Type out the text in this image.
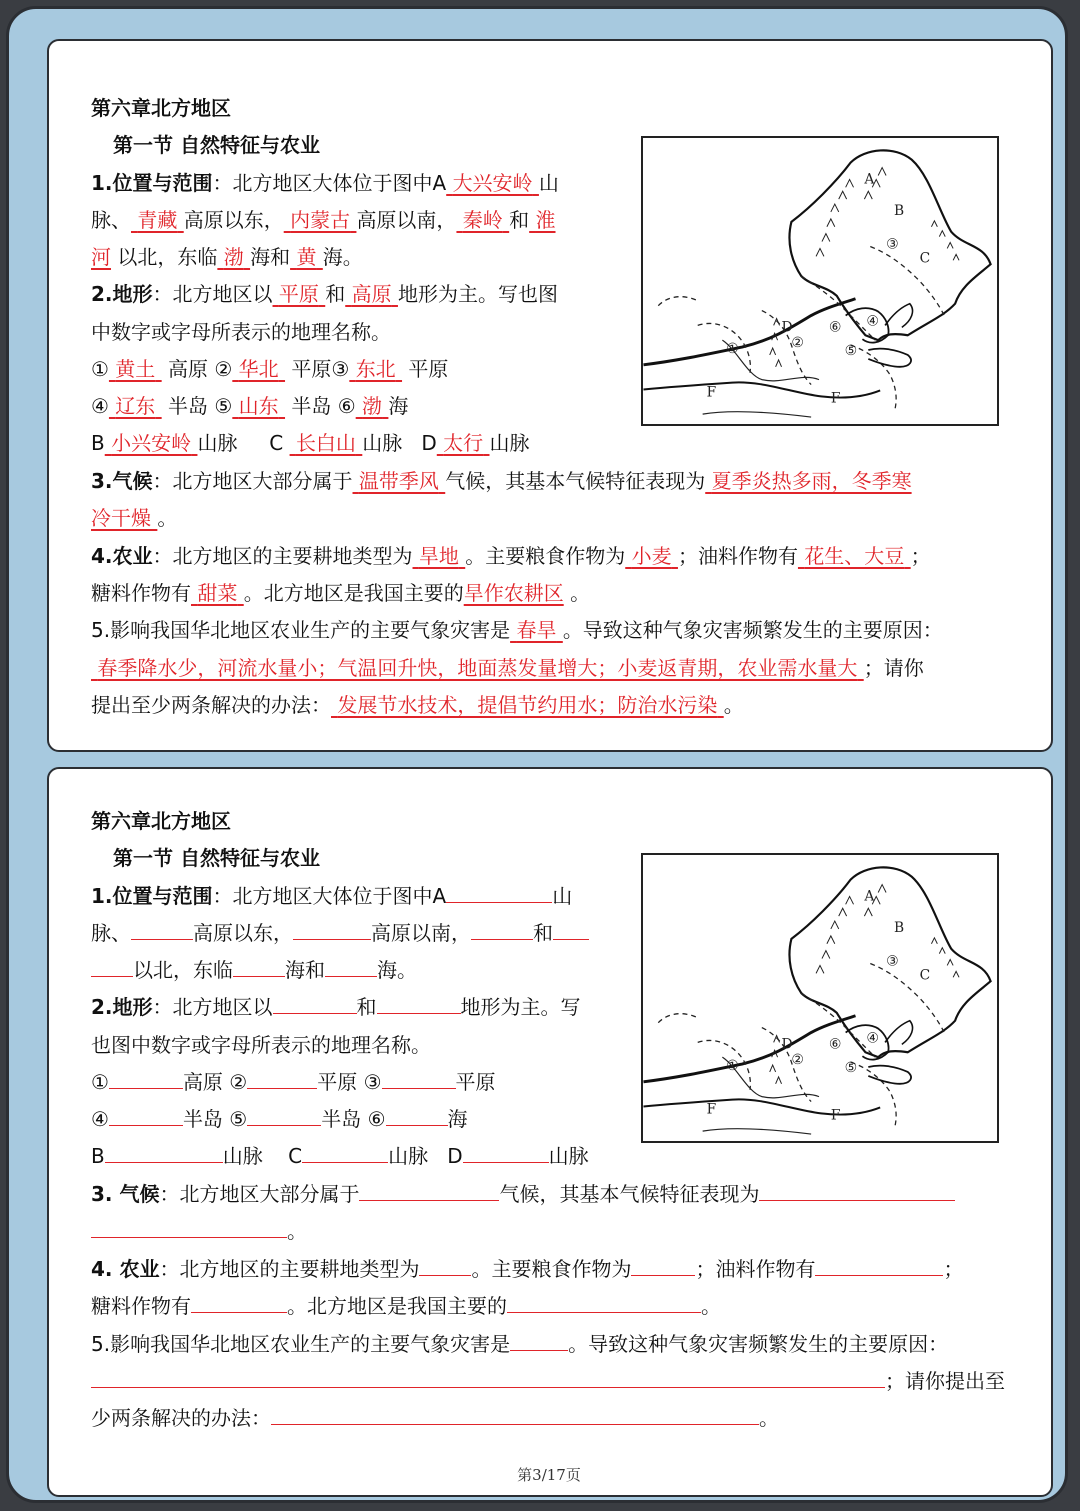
第六章北方地区
第一节 自然特征与农业
1.位置与范围：北方地区大体位于图中A 大兴安岭 山
脉、 青藏 高原以东， 内蒙古 高原以南， 秦岭 和 淮
河 以北，东临 渤 海和 黄 海。
2.地形：北方地区以 平原 和 高原 地形为主。写也图
中数字或字母所表示的地理名称。
① 黄土 高原 ② 华北 平原③ 东北 平原
④ 辽东 半岛 ⑤ 山东 半岛 ⑥ 渤 海
B 小兴安岭 山脉 C 长白山 山脉 D 太行 山脉
3.气候：北方地区大部分属于 温带季风 气候，其基本气候特征表现为 夏季炎热多雨，冬季寒
冷干燥 。
4.农业：北方地区的主要耕地类型为 旱地 。主要粮食作物为 小麦 ；油料作物有 花生、大豆 ；
糖料作物有 甜菜 。北方地区是我国主要的旱作农耕区 。
5.影响我国华北地区农业生产的主要气象灾害是 春旱 。导致这种气象灾害频繁发生的主要原因：
春季降水少，河流水量小；气温回升快，地面蒸发量增大；小麦返青期，农业需水量大 ；请你
提出至少两条解决的办法： 发展节水技术，提倡节约用水；防治水污染 。
A
B
C
D
F	F
①	②
③
④
⑤
⑥
第六章北方地区
第一节 自然特征与农业
1.位置与范围：北方地区大体位于图中A	山
脉、	高原以东，	高原以南，	和
以北，东临	海和	海。
2.地形：北方地区以	和	地形为主。写
也图中数字或字母所表示的地理名称。
①	高原 ②	平原 ③	平原
④	半岛 ⑤	半岛 ⑥	海
B	山脉 C	山脉 D	山脉
3. 气候：北方地区大部分属于	气候，其基本气候特征表现为
。
4. 农业：北方地区的主要耕地类型为	。主要粮食作物为	；油料作物有	；
糖料作物有	。北方地区是我国主要的	。
5.影响我国华北地区农业生产的主要气象灾害是	。导致这种气象灾害频繁发生的主要原因：
；请你提出至
少两条解决的办法：	。
A
B
C
D
F	F
①	②
③
④
⑤
⑥
第3/17页
